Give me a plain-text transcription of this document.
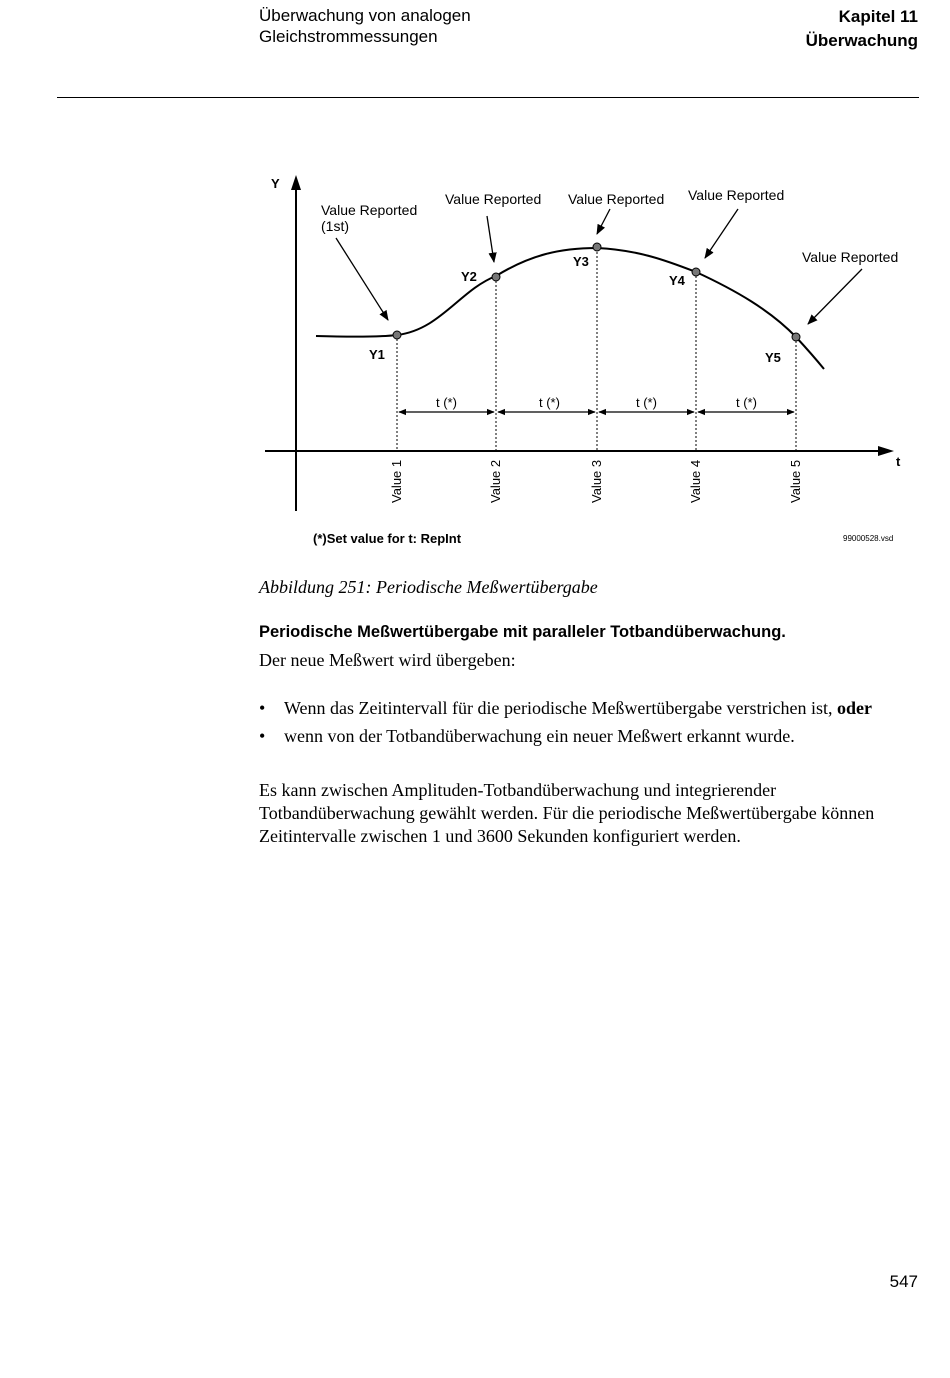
Überwachung von analogen
Gleichstrommessungen
Kapitel 11
Überwachung
Y
t
Y1
Y2
Y3
Y4
Y5
Value Reported
(1st)
Value Reported Value Reported Value Reported
Value Reported
t (*)	t (*)	t (*)	t (*)
Value 1	Value 2	Value 3	Value 4	Value 5
(*)Set value for t: RepInt	99000528.vsd
Abbildung 251: Periodische Meßwertübergabe
Periodische Meßwertübergabe mit paralleler Totbandüberwachung.
Der neue Meßwert wird übergeben:
• Wenn das Zeitintervall für die periodische Meßwertübergabe verstrichen ist, oder
• wenn von der Totbandüberwachung ein neuer Meßwert erkannt wurde.

Es kann zwischen Amplituden-Totbandüberwachung und integrierender Totbandüberwachung gewählt werden. Für die periodische Meßwertübergabe können Zeitintervalle zwischen 1 und 3600 Sekunden konfiguriert werden.

547
